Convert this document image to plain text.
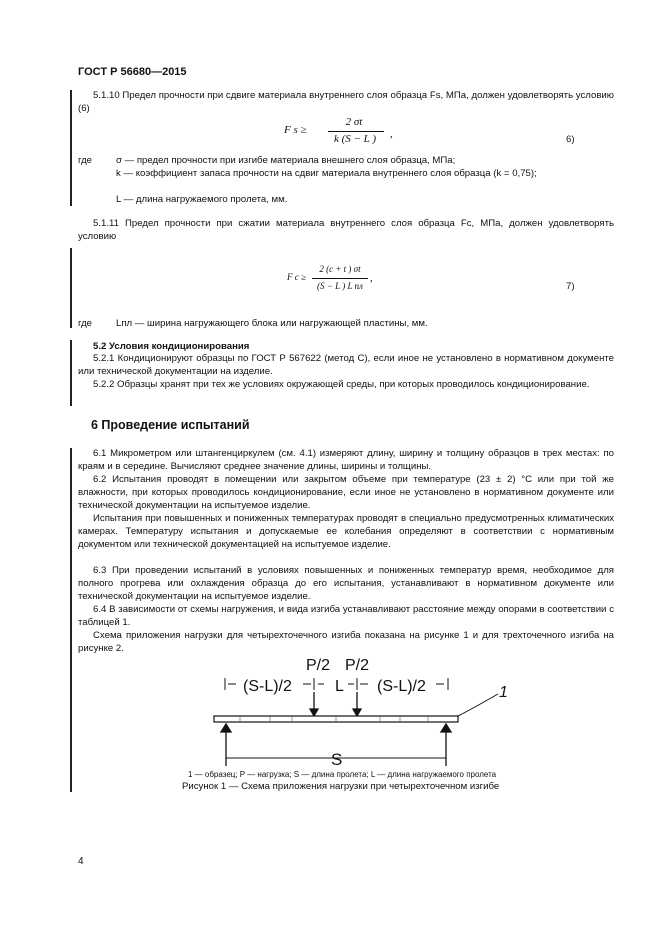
ГОСТ Р 56680—2015
5.1.10 Предел прочности при сдвиге материала внутреннего слоя образца Fs, МПа, должен удовлетворять условию (6)
F s ≥
2 σt
k (S − L )	,	6)
где σ — предел прочности при изгибе материала внешнего слоя образца, МПа;
k — коэффициент запаса прочности на сдвиг материала внутреннего слоя образца (k = 0,75);
L — длина нагружаемого пролета, мм.
5.1.11 Предел прочности при сжатии материала внутреннего слоя образца Fc, МПа, должен удовлетворять условию
F c ≥
2 (c + t ) σt
(S − L ) L пл
,
7)
где Lпл — ширина нагружающего блока или нагружающей пластины, мм.
5.2 Условия кондиционирования
5.2.1 Кондиционируют образцы по ГОСТ Р 567622 (метод С), если иное не установлено в нормативном документе или технической документации на изделие.
5.2.2 Образцы хранят при тех же условиях окружающей среды, при которых проводилось кондиционирование.
6 Проведение испытаний
6.1 Микрометром или штангенциркулем (см. 4.1) измеряют длину, ширину и толщину образцов в трех местах: по краям и в середине. Вычисляют среднее значение длины, ширины и толщины.
6.2 Испытания проводят в помещении или закрытом объеме при температуре (23 ± 2) °С или при той же влажности, при которых проводилось кондиционирование, если иное не установлено в нормативном документе или технической документации на испытуемое изделие.
Испытания при повышенных и пониженных температурах проводят в специально предусмотренных климатических камерах. Температуру испытания и допускаемые ее колебания определяют в соответствии с нормативным документом или технической документацией на испытуемое изделие.
6.3 При проведении испытаний в условиях повышенных и пониженных температур время, необходимое для полного прогрева или охлаждения образца до его испытания, устанавливают в нормативном документе или технической документации на испытуемое изделие.
6.4 В зависимости от схемы нагружения, и вида изгиба устанавливают расстояние между опорами в соответствии с таблицей 1.
Схема приложения нагрузки для четырехточечного изгиба показана на рисунке 1 и для трехточечного изгиба на рисунке 2.
P/2 P/2
(S-L)/2	L (S-L)/2	1
S
1 — образец; P — нагрузка; S — длина пролета; L — длина нагружаемого пролета
Рисунок 1 — Схема приложения нагрузки при четырехточечном изгибе
4
